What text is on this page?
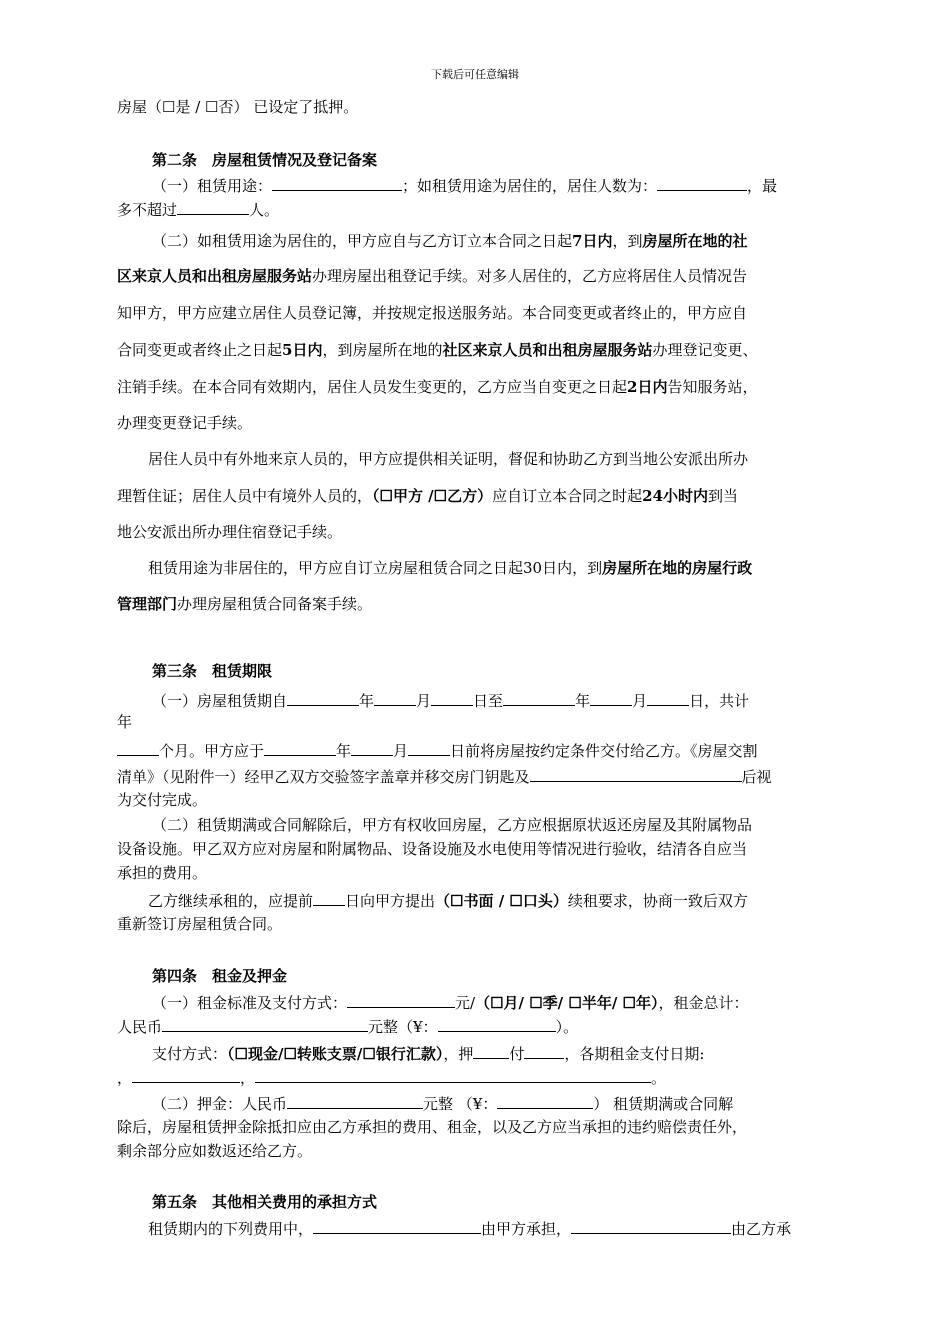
下载后可任意编辑
房屋（☐是 / ☐否） 已设定了抵押。
第二条　房屋租赁情况及登记备案
（一）租赁用途：	；如租赁用途为居住的，居住人数为：	，最
多不超过	人。
（二）如租赁用途为居住的，甲方应自与乙方订立本合同之日起7日内，到房屋所在地的社
区来京人员和出租房屋服务站办理房屋出租登记手续。对多人居住的，乙方应将居住人员情况告
知甲方，甲方应建立居住人员登记簿，并按规定报送服务站。本合同变更或者终止的，甲方应自
合同变更或者终止之日起5日内，到房屋所在地的社区来京人员和出租房屋服务站办理登记变更、
注销手续。在本合同有效期内，居住人员发生变更的，乙方应当自变更之日起2日内告知服务站，
办理变更登记手续。
居住人员中有外地来京人员的，甲方应提供相关证明，督促和协助乙方到当地公安派出所办
理暂住证；居住人员中有境外人员的，（☐甲方 /☐乙方）应自订立本合同之时起24小时内到当
地公安派出所办理住宿登记手续。
租赁用途为非居住的，甲方应自订立房屋租赁合同之日起30日内，到房屋所在地的房屋行政
管理部门办理房屋租赁合同备案手续。
第三条　租赁期限
（一）房屋租赁期自	年	月	日至	年	月	日，共计
年
个月。甲方应于	年	月	日前将房屋按约定条件交付给乙方。《房屋交割
清单》（见附件一）经甲乙双方交验签字盖章并移交房门钥匙及	后视
为交付完成。
（二）租赁期满或合同解除后，甲方有权收回房屋，乙方应根据原状返还房屋及其附属物品
设备设施。甲乙双方应对房屋和附属物品、设备设施及水电使用等情况进行验收，结清各自应当
承担的费用。
乙方继续承租的，应提前 日向甲方提出（☐书面 / ☐口头）续租要求，协商一致后双方
重新签订房屋租赁合同。
第四条　租金及押金
（一）租金标准及支付方式：	元/（☐月/ ☐季/ ☐半年/ ☐年），租金总计：
人民币	元整（¥：	）。
支付方式：（☐现金/☐转账支票/☐银行汇款），押 付	，各期租金支付日期:
，	，	。
（二）押金：人民币	元整 （¥：	） 租赁期满或合同解
除后，房屋租赁押金除抵扣应由乙方承担的费用、租金，以及乙方应当承担的违约赔偿责任外，
剩余部分应如数返还给乙方。
第五条　其他相关费用的承担方式
租赁期内的下列费用中，	由甲方承担，	由乙方承
